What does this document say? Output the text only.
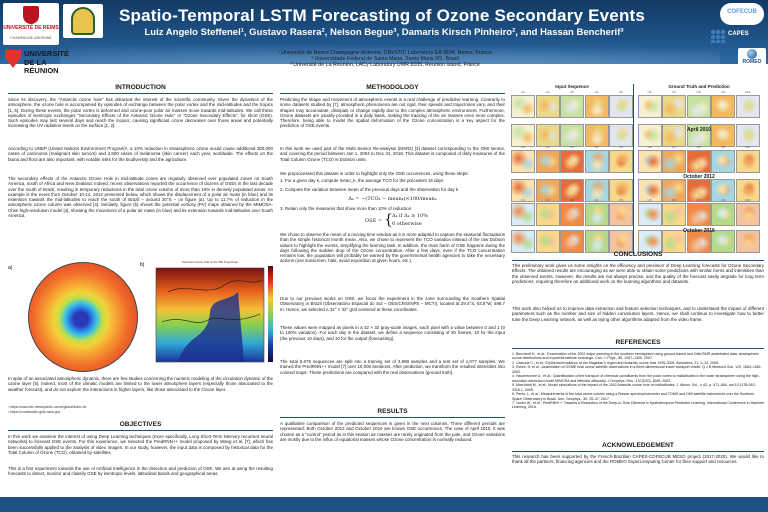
Spatio-Temporal LSTM Forecasting of Ozone Secondary Events
Luiz Angelo Steffenel¹, Gustavo Rasera², Nelson Begue³, Damaris Kirsch Pinheiro², and Hassan Bencherif³
¹ Université de Reims Champagne-Ardenne, CReSTIC Laboratory EA 3804, Reims, France
² Universidade Federal de Santa Maria, Santa Maria RS, Brazil
³ Université de La Réunion, LACy Laboratory UMR 8105, Reunion Island, France
UNIVERSITÉ DE REIMS
CHAMPAGNE-ARDENNE
UNIVERSITÉ
DE LA RÉUNION
COFECUB
CAPES
ROMEO
INTRODUCTION
Since its discovery, the "Antarctic ozone hole" has attracted the interest of the scientific community. Given the dynamics of the atmosphere, the ozone hole is accompanied by episodes of exchange between the polar vortex and the mid-latitudes and the tropics [1, 5]. During these events, the polar vortex is deformed and ozone-poor polar air masses move towards mid-latitudes. We call these episodes of isentropic exchanges "Secondary Effects of the Antarctic Ozone Hole" or "Ozone Secondary Effects", for short (OSE). Such episodes may last several days and reach the tropics, causing significant ozone decreases over those areas and potentially increasing the UV radiation levels on the surface [1, 2].
According to UNEP (United Nations Environment Program)¹, a 10% reduction in stratospheric ozone would cause additional 300,000 cases of carcinoma (malignant skin tumors) and 4,500 cases of melanoma (skin cancer) each year, worldwide. The effects on the fauna and flora are also important, with notable risks for the biodiversity and the agriculture.
The secondary effects of the Antarctic Ozone Hole in mid-latitude zones are regularly observed over populated zones on South America, south of Africa and New Zealand. Indeed, recent observations reported the occurrence of dozens of OSEs in the last decade over the south of Brazil, resulting in temporary reductions in the total ozone column of more than 10% in densely populated areas. An example is the event from October 10-14, 2012 presented below, which shows the displacement of a polar air mass (in blue) and its extension towards the mid-latitudes to reach the south of Brazil – around 30°S – on figure (a). Up to 11.7% of reduction in the atmospheric ozone column was observed [4]. Similarly, figure (b) shows the potential vorticity (PV) maps obtained by the MIMOSA-Chim high-resolution model [4], showing the movement of a polar air mass (in blue) and its extension towards mid-latitudes over South America.
a)	b)	Potential vorticity field on the 550 K isentrope
In spite of an associated atmospheric dynamic, there are few studies concerning the numeric modeling of the circulation dynamic of the ozone layer [5]. Indeed, most of the climatic models are limited to the lower atmosphere layers (especially those associated to the weather forecast), and do not explore the interactions in higher layers, like those associated to the Ozone layer.
¹ https://www.nbc.news/public-ozone/global/index.txt
² https://ozonewatch.gsfc.nasa.gov
OBJECTIVES
In this work we examine the interest of using Deep Learning techniques (more specifically, Long Short-Term Memory recurrent neural networks) to forecast OSE events. For this experience, we selected the PredRNN++ model proposed by Wang et al. [7], which has been successfully applied to the analysis of video images. In our study, however, the input data is composed by historical data for the Total Column of Ozone (TCO), obtained by satellites.
This is a first experiment towards the use of Artificial Intelligence in the detection and prediction of OSE. We aim at using the resulting forecasts to detect, monitor and classify OSE by isentropic levels, latitudinal bands and geographical areas.
METHODOLOGY
Predicting the shape and movement of atmospheric events is a real challenge of predictive learning. Contrarily to some datasets studied by [7], atmospheric phenomena are not rigid, their speeds and trajectories vary, and their shapes may accumulate, dissipate or change rapidly due to the complex atmospheric environment. Furthermore, Ozone datasets are usually provided in a daily basis, making the tracking of the air masses even more complex. Therefore, being able to model the spatial deformation of the Ozone concentration is a key aspect for the prediction of OSE events.
In this work we used part of the Multi Sensor Re-analysis (MSR2) [3] dataset corresponding to the OMI sensor, and covering the period between Jan 1, 2004 to Dec 31, 2018. This dataset is composed of daily measures of the Total Column Ozone (TCO) in Dobson units.
We preprocessed this dataset in order to highlight only the OSE occurrences, using these steps:
1. For a given day k, compute mean_k, the average TCO for the precedent 15 days
2. Compute the variation between mean of the previous days and the observation for day k
Δₖ = −(TCOₖ − meanₖ)×100/meanₖ
3. Retain only the measures that show more than 10% of reduction
OSE = { Δₖ if Δₖ ≥ 10%
0 otherwise
We chose to observe the mean of a moving time window as it is more adapted to capture the seasonal fluctuations than the simple historical month mean. Also, we chose to represent the TCO variation instead of the raw Dobson values to highlight the events, simplifying the learning task. In addition, the main harm of OSE happens during the days following the sudden drop of the Ozone concentration. After a few days, even if the TCO concentration remains low, the population will probably be warned by the governmental health agencies to take the necessary actions (use sunscreen, hats, avoid exposition at given hours, etc.).
Due to our previous works on OSE, we focus the experiment in the zone surrounding the Southern Spatial Observatory in Brazil (Observatório Espacial do Sul – OES/CRS/INPE – MCTI), located at 29.4°S, 53.8°W, 488.7 m. Hence, we selected a 32° × 32° grid centered at these coordinates.
These values were mapped as pixels in a 32 × 32 gray-scale images, each pixel with a value between 0 and 1 (0 to 100% variation). For each day in the dataset, we define a sequence consisting of 20 frames, 10 for the input (the previous 10 days), and 10 for the output (forecasting).
The total 5.075 sequences are split into a training set of 3,998 samples and a test set of 1,077 samples. We trained the PredRNN++ model [7] over 10,000 iterations. After prediction, we transform the resulted intensities into colored maps. These predictions are compared with the real observations (ground truth).
RESULTS
A qualitative comparison of the predicted sequences is given in the next columns. Three different periods are represented: Both October 2012 and October 2016 are known OSE occurrences. The case of April 2010, it was chosen as a "control" period as in this season air masses are rarely originated from the pole, and Ozone variations are mostly due to the influx of equatorial masses whose Ozone concentration is normally reduced.
Input Sequence	Ground Truth and Prediction
t=1	t=2	t=3	t=4	t=5	t=6	t=7	t=8	t=9	t=10
April 2010
t=1	t=2	t=3	t=4	t=5	t=6	t=7	t=8	t=9	t=10
October 2012
t=1	t=2	t=3	t=4	t=5	t=6	t=7	t=8	t=9	t=10
October 2016
CONCLUSIONS
This preliminary work gives us some insights on the efficiency and precision of Deep Learning forecasts for Ozone Secondary Effects. The obtained results are encouraging as we were able to obtain some predictions with similar forms and intensities than the observed events. However, the results are not always precise, and the quality of the forecast easily degrade for long term predictions, requiring therefore an additional work on the learning algorithms and datasets.
This work also helped us to improve data extraction and feature selection techniques, and to understand the impact of different parameters such as the number and size of hidden convolution layers. Hence, we shall continue to investigate how to better tune the Deep Learning network, as well as trying other algorithms adapted from the video frame.
REFERENCES
1. Bencherif H., et al.: Examination of the 2002 major warming in the southern hemisphere using ground-based and Odin/SMR assimilated data: stratospheric ozone distributions and tropo/mid-latitude exchange. Can. J. Phys., 85, 1287–1300, 2007.
2. Casiccia C., et al.: Erythemal irradiance at the Magellan's region and Antarctic ozone hole 1999-2005, Atmósfera, 21, 1–12, 2008.
3. Eskes, H. et al.: Assimilation of GOME total ozone satellite observations in a three-dimensional tracer transport model. Q.J.R.Meteorol.Soc. 129, 1663–1681, 2003.
4. Hauchecorne A., et al.: Quantification of the transport of chemical constituents from the polar vortex to midlatitudes in the lower stratosphere using the high-resolution advection model MIMOSA and effective diffusivity. J.Geophys. Res., 107(D20), 8289, 2002.
5. Marchand M., et al.: Model simulations of the impact of the 2002 Antarctic ozone hole on midlatitudes. J. Atmos. Sci., v. 62, p. 871–884. doi:10.1175/JAS-3326.1, 2005.
6. Peres, L. et al.: Measurements of the total ozone column using a Brewer spectrophotometer and TOMS and OMI satellite instruments over the Southern Space Observatory in Brazil. Ann. Geophys., 35, 25–37, 2017.
7. Yunbo W., et al.: PredRNN++: Towards A Resolution of the Deep-in-Time Dilemma in Spatiotemporal Predictive Learning, International Conference in Machine Learning, 2018.
ACKNOWLEDGEMENT
This research has been supported by the French-Brazilian CAPES-COFECUB MESO project (2017-2020). We would like to thank all the partners, financing agencies and the ROMEO Supercomputing Center for their support and resources.
